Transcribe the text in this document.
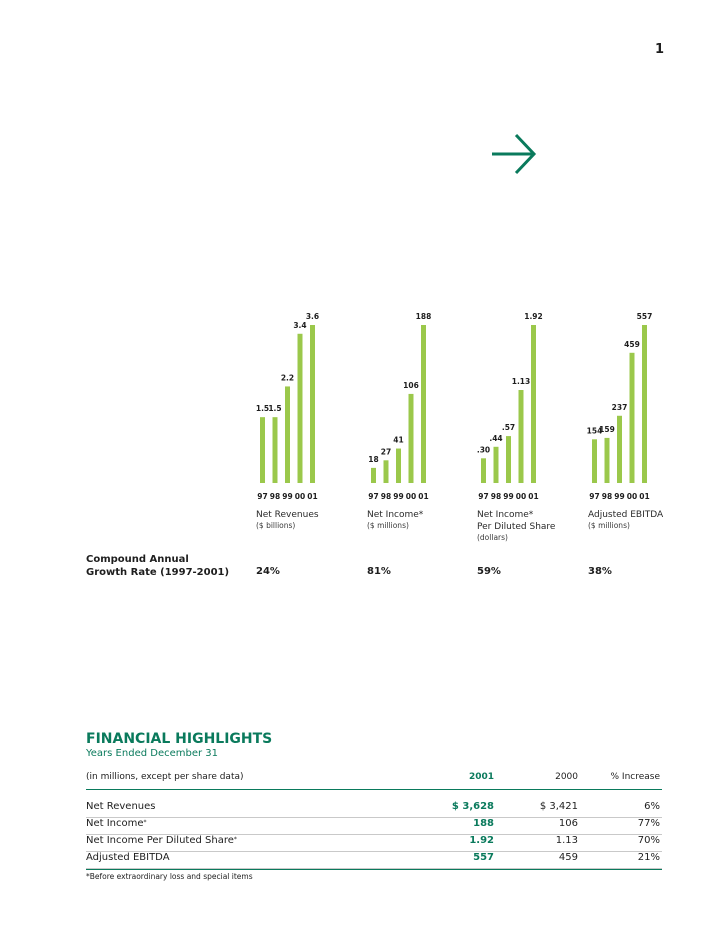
1
1.5
97
1.5
98
2.2
99
3.4
00
3.6
01
Net Revenues
($ billions)
18
97
27
98
41
99
106
00
188
01
Net Income*
($ millions)
.30
97
.44
98
.57
99
1.13
00
1.92
01
Net Income*
Per Diluted Share
(dollars)
154
97
159
98
237
99
459
00
557
01
Adjusted EBITDA
($ millions)
Compound Annual
Growth Rate (1997-2001)	24%	81%	59%	38%
FINANCIAL HIGHLIGHTS
Years Ended December 31
(in millions, except per share data)	2001	2000	% Increase
Net Revenues	$ 3,628	$ 3,421	6%
Net Income*	188	106	77%
Net Income Per Diluted Share*	1.92	1.13	70%
Adjusted EBITDA	557	459	21%
*Before extraordinary loss and special items
